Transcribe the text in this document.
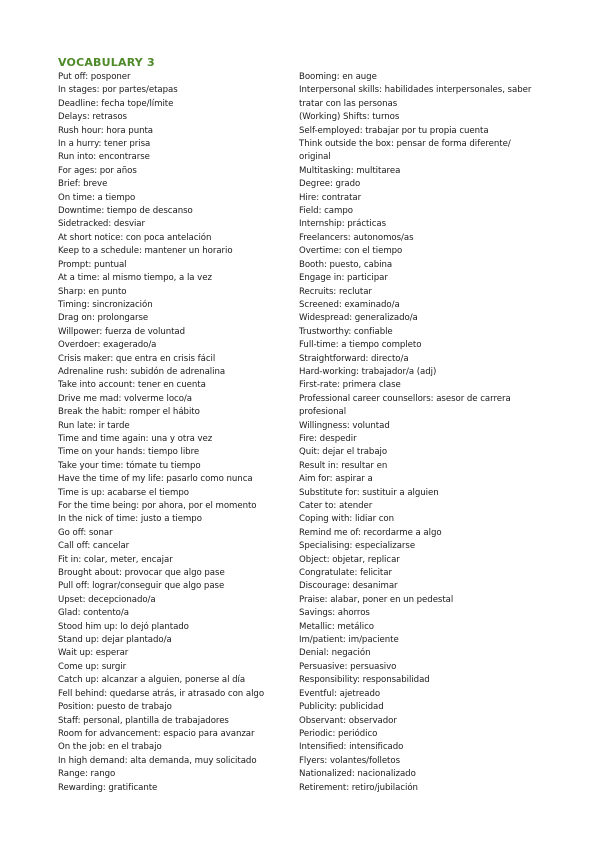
VOCABULARY 3
Put off: posponer
In stages: por partes/etapas
Deadline: fecha tope/límite
Delays: retrasos
Rush hour: hora punta
In a hurry: tener prisa
Run into: encontrarse
For ages: por años
Brief: breve
On time: a tiempo
Downtime: tiempo de descanso
Sidetracked: desviar
At short notice: con poca antelación
Keep to a schedule: mantener un horario
Prompt: puntual
At a time: al mismo tiempo, a la vez
Sharp: en punto
Timing: sincronización
Drag on: prolongarse
Willpower: fuerza de voluntad
Overdoer: exagerado/a
Crisis maker: que entra en crisis fácil
Adrenaline rush: subidón de adrenalina
Take into account: tener en cuenta
Drive me mad: volverme loco/a
Break the habit: romper el hábito
Run late: ir tarde
Time and time again: una y otra vez
Time on your hands: tiempo libre
Take your time: tómate tu tiempo
Have the time of my life: pasarlo como nunca
Time is up: acabarse el tiempo
For the time being: por ahora, por el momento
In the nick of time: justo a tiempo
Go off: sonar
Call off: cancelar
Fit in: colar, meter, encajar
Brought about: provocar que algo pase
Pull off: lograr/conseguir que algo pase
Upset: decepcionado/a
Glad: contento/a
Stood him up: lo dejó plantado
Stand up: dejar plantado/a
Wait up: esperar
Come up: surgir
Catch up: alcanzar a alguien, ponerse al día
Fell behind: quedarse atrás, ir atrasado con algo
Position: puesto de trabajo
Staff: personal, plantilla de trabajadores
Room for advancement: espacio para avanzar
On the job: en el trabajo
In high demand: alta demanda, muy solicitado
Range: rango
Rewarding: gratificante
Booming: en auge
Interpersonal skills: habilidades interpersonales, saber tratar con las personas
(Working) Shifts: turnos
Self-employed: trabajar por tu propia cuenta
Think outside the box: pensar de forma diferente/ original
Multitasking: multitarea
Degree: grado
Hire: contratar
Field: campo
Internship: prácticas
Freelancers: autonomos/as
Overtime: con el tiempo
Booth: puesto, cabina
Engage in: participar
Recruits: reclutar
Screened: examinado/a
Widespread: generalizado/a
Trustworthy: confiable
Full-time: a tiempo completo
Straightforward: directo/a
Hard-working: trabajador/a (adj)
First-rate: primera clase
Professional career counsellors: asesor de carrera profesional
Willingness: voluntad
Fire: despedir
Quit: dejar el trabajo
Result in: resultar en
Aim for: aspirar a
Substitute for: sustituir a alguien
Cater to: atender
Coping with: lidiar con
Remind me of: recordarme a algo
Specialising: especializarse
Object: objetar, replicar
Congratulate: felicitar
Discourage: desanimar
Praise: alabar, poner en un pedestal
Savings: ahorros
Metallic: metálico
Im/patient: im/paciente
Denial: negación
Persuasive: persuasivo
Responsibility: responsabilidad
Eventful: ajetreado
Publicity: publicidad
Observant: observador
Periodic: periódico
Intensified: intensificado
Flyers: volantes/folletos
Nationalized: nacionalizado
Retirement: retiro/jubilación
